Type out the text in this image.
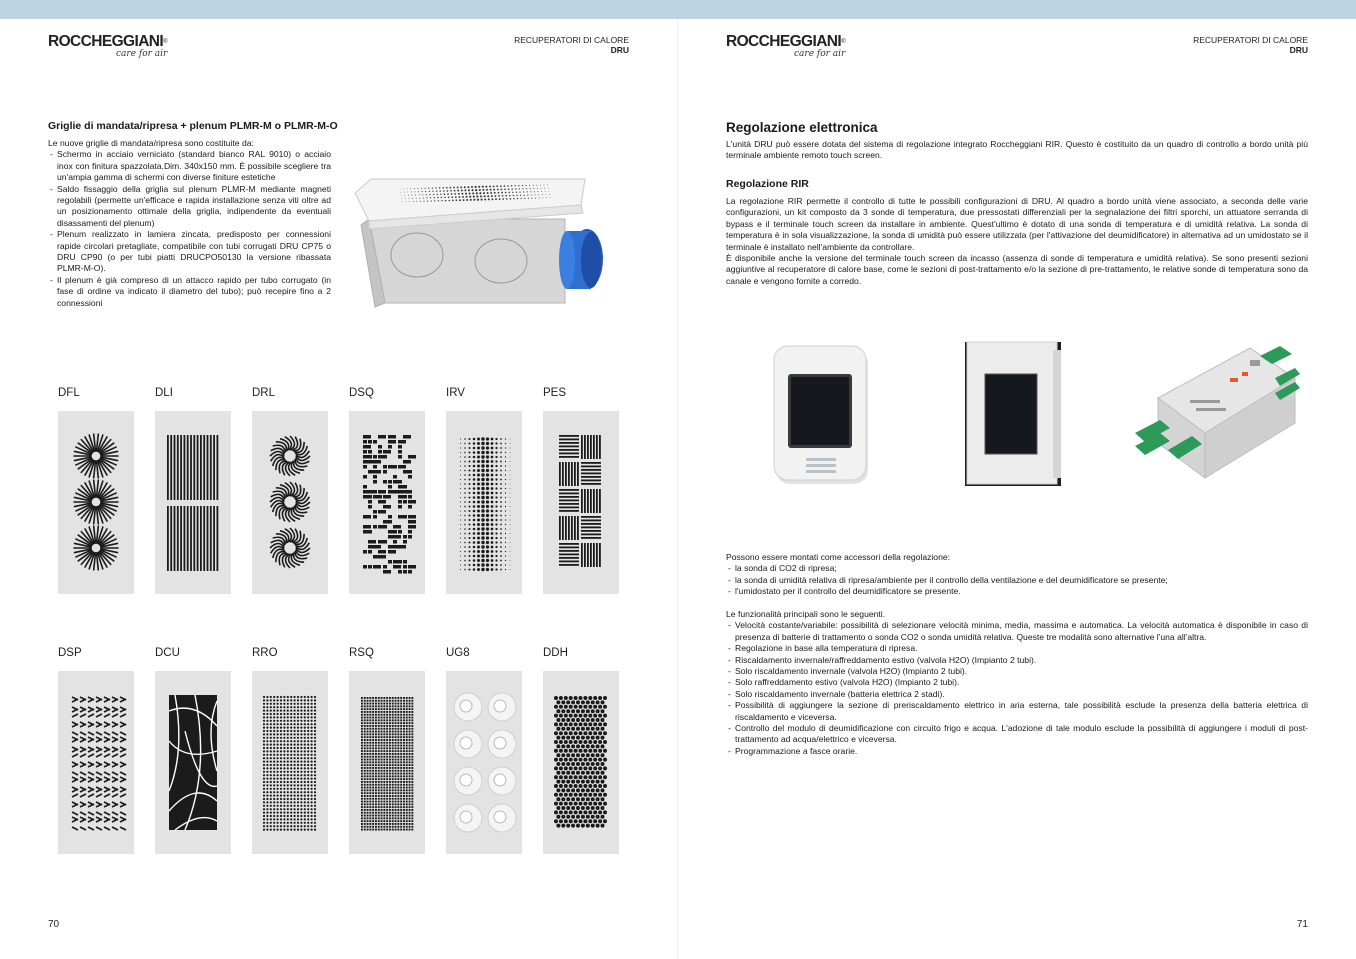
ROCCHEGGIANI®
care for air
RECUPERATORI DI CALORE
DRU
Griglie di mandata/ripresa + plenum PLMR-M o PLMR-M-O

Le nuove griglie di mandata/ripresa sono costituite da:

- Schermo in acciaio verniciato (standard bianco RAL 9010) o acciaio inox con finitura spazzolata.Dim. 340x150 mm. È possibile scegliere tra un'ampia gamma di schermi con diverse finiture estetiche
- Saldo fissaggio della griglia sul plenum PLMR-M mediante magneti regolabili (permette un'efficace e rapida installazione senza viti oltre ad un posizionamento ottimale della griglia, indipendente da eventuali disassamenti del plenum)
- Plenum realizzato in lamiera zincata, predisposto per connessioni rapide circolari pretagliate, compatibile con tubi corrugati DRU CP75 o DRU CP90 (o per tubi piatti DRUCPO50130 la versione ribassata PLMR-M-O).
- Il plenum è già compreso di un attacco rapido per tubo corrugato (in fase di ordine va indicato il diametro del tubo); può recepire fino a 2 connessioni
DFL	DLI	DRL	DSQ	IRV	PES
DSP	DCU	RRO	RSQ	UG8	DDH
70
ROCCHEGGIANI®
care for air
RECUPERATORI DI CALORE
DRU
Regolazione elettronica

L'unità DRU può essere dotata del sistema di regolazione integrato Roccheggiani RIR. Questo è costituito da un quadro di controllo a bordo unità più terminale ambiente remoto touch screen.

Regolazione RIR

La regolazione RIR permette il controllo di tutte le possibili configurazioni di DRU. Al quadro a bordo unità viene associato, a seconda delle varie configurazioni, un kit composto da 3 sonde di temperatura, due pressostati differenziali per la segnalazione dei filtri sporchi, un attuatore serranda di bypass e il terminale touch screen da installare in ambiente. Quest'ultimo è dotato di una sonda di temperatura e di umidità relativa. La sonda di temperatura è in sola visualizzazione, la sonda di umidità può essere utilizzata (per l'attivazione del deumidificatore) in alternativa ad un umidostato se il terminale è installato nell'ambiente da controllare.

È disponibile anche la versione del terminale touch screen da incasso (assenza di sonde di temperatura e umidità relativa). Se sono presenti sezioni aggiuntive al recuperatore di calore base, come le sezioni di post-trattamento e/o la sezione di pre-trattamento, le relative sonde di temperatura sono da canale e vengono fornite a corredo.

Possono essere montati come accessori della regolazione:

- la sonda di CO2 di ripresa;
- la sonda di umidità relativa di ripresa/ambiente per il controllo della ventilazione e del deumidificatore se presente;
- l'umidostato per il controllo del deumidificatore se presente.

Le funzionalità principali sono le seguenti.

- Velocità costante/variabile: possibilità di selezionare velocità minima, media, massima e automatica. La velocità automatica è disponibile in caso di presenza di batterie di trattamento o sonda CO2 o sonda umidità relativa. Queste tre modalità sono alternative l'una all'altra.
- Regolazione in base alla temperatura di ripresa.
- Riscaldamento invernale/raffreddamento estivo (valvola H2O) (Impianto 2 tubi).
- Solo riscaldamento invernale (valvola H2O) (Impianto 2 tubi).
- Solo raffreddamento estivo (valvola H2O) (Impianto 2 tubi).
- Solo riscaldamento invernale (batteria elettrica 2 stadi).
- Possibilità di aggiungere la sezione di preriscaldamento elettrico in aria esterna, tale possibilità esclude la presenza della batteria elettrica di riscaldamento e viceversa.
- Controllo del modulo di deumidificazione con circuito frigo e acqua. L'adozione di tale modulo esclude la possibilità di aggiungere i moduli di post-trattamento ad acqua/elettrico e viceversa.
- Programmazione a fasce orarie.
71
